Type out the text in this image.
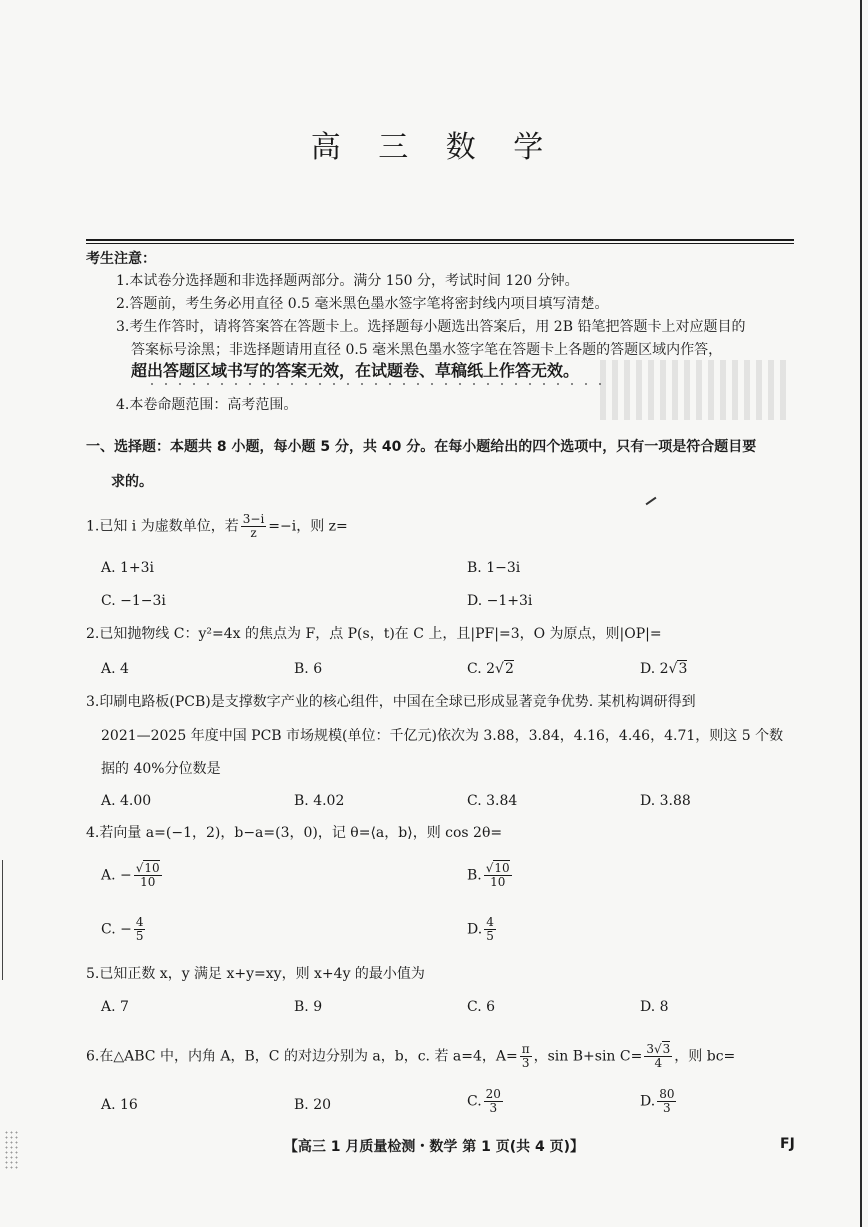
高 三 数 学
考生注意：
1.本试卷分选择题和非选择题两部分。满分 150 分，考试时间 120 分钟。
2.答题前，考生务必用直径 0.5 毫米黑色墨水签字笔将密封线内项目填写清楚。
3.考生作答时，请将答案答在答题卡上。选择题每小题选出答案后，用 2B 铅笔把答题卡上对应题目的
答案标号涂黑；非选择题请用直径 0.5 毫米黑色墨水签字笔在答题卡上各题的答题区域内作答，
超出答题区域书写的答案无效，在试题卷、草稿纸上作答无效。
4.本卷命题范围：高考范围。
一、选择题：本题共 8 小题，每小题 5 分，共 40 分。在每小题给出的四个选项中，只有一项是符合题目要
求的。
1.已知 i 为虚数单位，若 $\frac{3-i}{z} =-i$，则 z=
A. 1+3i	B. 1−3i
C. −1−3i	D. −1+3i
2.已知抛物线 C：y²=4x 的焦点为 F，点 P(s，t)在 C 上，且|PF|=3，O 为原点，则|OP|=
A. 4	B. 6	C. 2√2	D. 2√3
3.印刷电路板(PCB)是支撑数字产业的核心组件，中国在全球已形成显著竞争优势. 某机构调研得到
2021—2025 年度中国 PCB 市场规模(单位：千亿元)依次为 3.88，3.84，4.16，4.46，4.71，则这 5 个数
据的 40%分位数是
A. 4.00	B. 4.02	C. 3.84	D. 3.88
4.若向量 a=(−1，2)，b−a=(3，0)，记 θ=⟨a，b⟩，则 cos 2θ=
A. − $\frac{√10}{10}$	B. $\frac{√10}{10}$
C. − $\frac{4}{5}$	D. $\frac{4}{5}$
5.已知正数 x，y 满足 x+y=xy，则 x+4y 的最小值为
A. 7	B. 9	C. 6	D. 8
6.在△ABC 中，内角 A，B，C 的对边分别为 a，b，c. 若 a=4，$A= \frac{\pi}{3}$ ，sin B+sin $C= \frac{3√3}{4}$ ，则 bc=
A. 16	B. 20	C. $\frac{20}{3}$	D. $\frac{80}{3}$
【高三 1 月质量检测・数学 第 1 页(共 4 页)】	FJ
